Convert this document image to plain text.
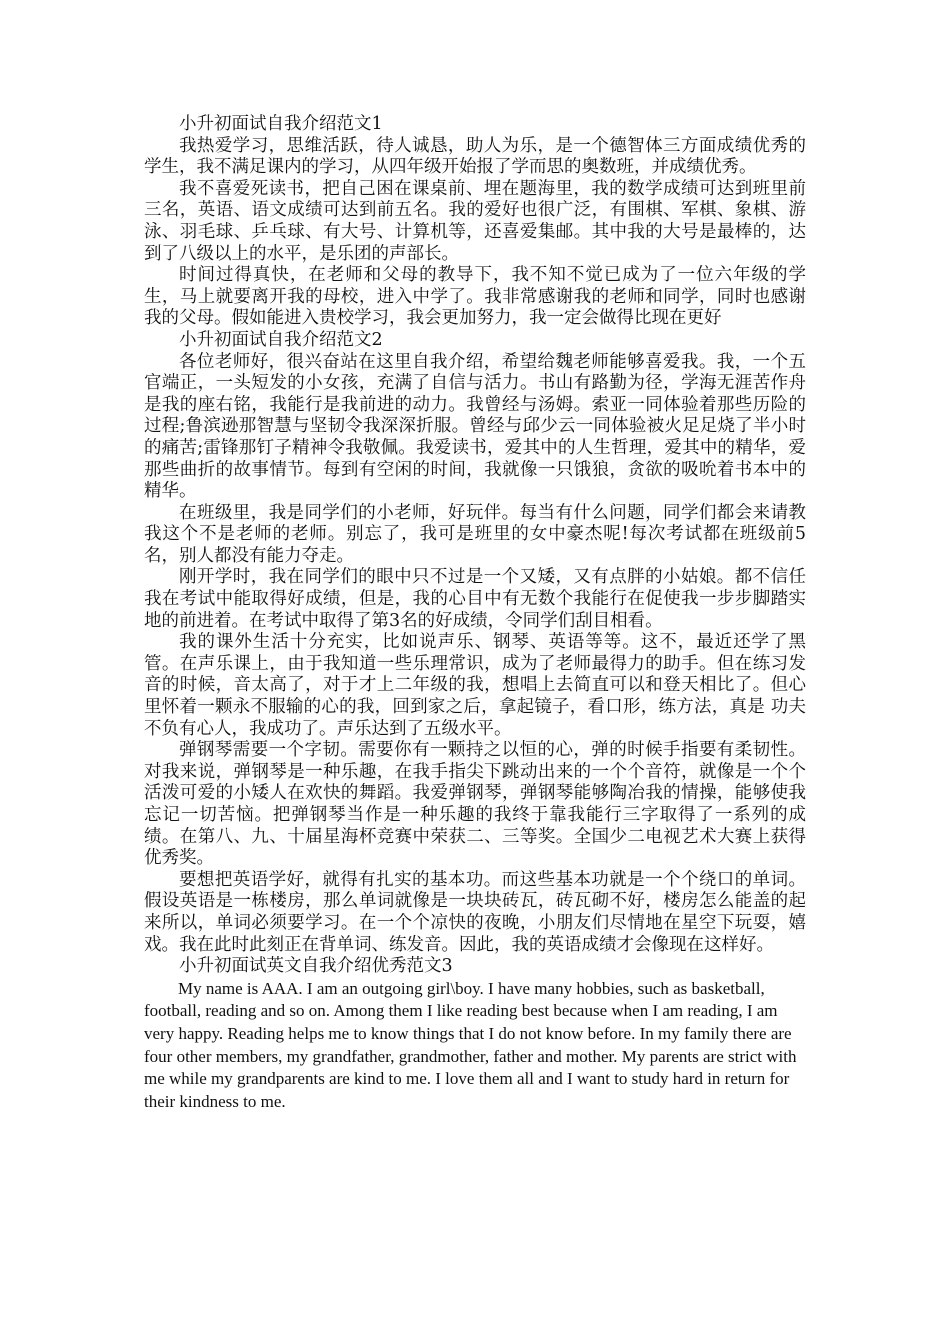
小升初面试自我介绍范文1

我热爱学习，思维活跃，待人诚恳，助人为乐，是一个德智体三方面成绩优秀的学生，我不满足课内的学习，从四年级开始报了学而思的奥数班，并成绩优秀。

我不喜爱死读书，把自己困在课桌前、埋在题海里，我的数学成绩可达到班里前三名，英语、语文成绩可达到前五名。我的爱好也很广泛，有围棋、军棋、象棋、游泳、羽毛球、乒乓球、有大号、计算机等，还喜爱集邮。其中我的大号是最棒的，达到了八级以上的水平，是乐团的声部长。

时间过得真快，在老师和父母的教导下，我不知不觉已成为了一位六年级的学生，马上就要离开我的母校，进入中学了。我非常感谢我的老师和同学，同时也感谢我的父母。假如能进入贵校学习，我会更加努力，我一定会做得比现在更好

小升初面试自我介绍范文2

各位老师好，很兴奋站在这里自我介绍，希望给魏老师能够喜爱我。我，一个五官端正，一头短发的小女孩，充满了自信与活力。书山有路勤为径，学海无涯苦作舟是我的座右铭，我能行是我前进的动力。我曾经与汤姆。索亚一同体验着那些历险的过程;鲁滨逊那智慧与坚韧令我深深折服。曾经与邱少云一同体验被火足足烧了半小时的痛苦;雷锋那钉子精神令我敬佩。我爱读书，爱其中的人生哲理，爱其中的精华，爱那些曲折的故事情节。每到有空闲的时间，我就像一只饿狼，贪欲的吸吮着书本中的精华。

在班级里，我是同学们的小老师，好玩伴。每当有什么问题，同学们都会来请教我这个不是老师的老师。别忘了，我可是班里的女中豪杰呢!每次考试都在班级前5名，别人都没有能力夺走。

刚开学时，我在同学们的眼中只不过是一个又矮，又有点胖的小姑娘。都不信任我在考试中能取得好成绩，但是，我的心目中有无数个我能行在促使我一步步脚踏实地的前进着。在考试中取得了第3名的好成绩，令同学们刮目相看。

我的课外生活十分充实，比如说声乐、钢琴、英语等等。这不，最近还学了黑管。在声乐课上，由于我知道一些乐理常识，成为了老师最得力的助手。但在练习发音的时候，音太高了，对于才上二年级的我，想唱上去简直可以和登天相比了。但心里怀着一颗永不服输的心的我，回到家之后，拿起镜子，看口形，练方法，真是 功夫不负有心人，我成功了。声乐达到了五级水平。

弹钢琴需要一个字韧。需要你有一颗持之以恒的心，弹的时候手指要有柔韧性。对我来说，弹钢琴是一种乐趣，在我手指尖下跳动出来的一个个音符，就像是一个个活泼可爱的小矮人在欢快的舞蹈。我爱弹钢琴，弹钢琴能够陶冶我的情操，能够使我忘记一切苦恼。把弹钢琴当作是一种乐趣的我终于靠我能行三字取得了一系列的成绩。在第八、九、十届星海杯竞赛中荣获二、三等奖。全国少二电视艺术大赛上获得优秀奖。

要想把英语学好，就得有扎实的基本功。而这些基本功就是一个个绕口的单词。假设英语是一栋楼房，那么单词就像是一块块砖瓦，砖瓦砌不好，楼房怎么能盖的起来所以，单词必须要学习。在一个个凉快的夜晚，小朋友们尽情地在星空下玩耍，嬉戏。我在此时此刻正在背单词、练发音。因此，我的英语成绩才会像现在这样好。

小升初面试英文自我介绍优秀范文3

My name is AAA. I am an outgoing girl\boy. I have many hobbies, such as basketball, football, reading and so on. Among them I like reading best because when I am reading, I am very happy. Reading helps me to know things that I do not know before. In my family there are four other members, my grandfather, grandmother, father and mother. My parents are strict with me while my grandparents are kind to me. I love them all and I want to study hard in return for their kindness to me.
